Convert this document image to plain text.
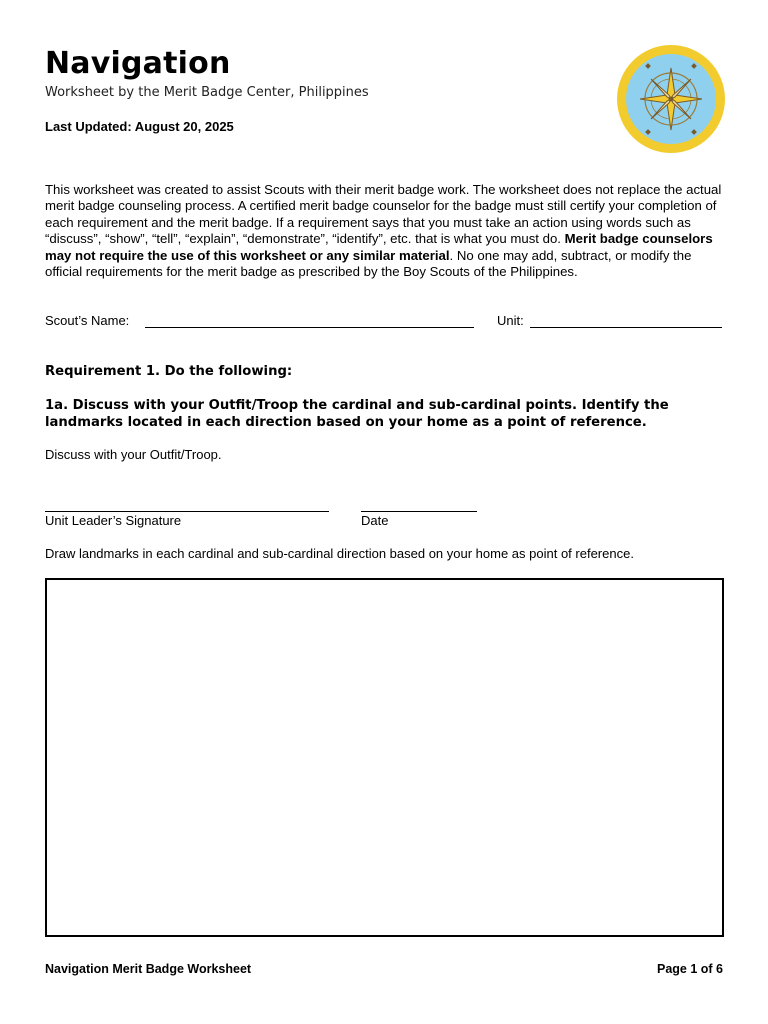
Navigation
Worksheet by the Merit Badge Center, Philippines
Last Updated: August 20, 2025
This worksheet was created to assist Scouts with their merit badge work. The worksheet does not replace the actual merit badge counseling process. A certified merit badge counselor for the badge must still certify your completion of each requirement and the merit badge. If a requirement says that you must take an action using words such as “discuss”, “show”, “tell”, “explain”, “demonstrate”, “identify”, etc. that is what you must do. Merit badge counselors may not require the use of this worksheet or any similar material. No one may add, subtract, or modify the official requirements for the merit badge as prescribed by the Boy Scouts of the Philippines.
Scout’s Name:	Unit:
Requirement 1. Do the following:
1a. Discuss with your Outfit/Troop the cardinal and sub-cardinal points. Identify the landmarks located in each direction based on your home as a point of reference.
Discuss with your Outfit/Troop.
Unit Leader’s Signature	Date
Draw landmarks in each cardinal and sub-cardinal direction based on your home as point of reference.
Navigation Merit Badge Worksheet	Page 1 of 6
